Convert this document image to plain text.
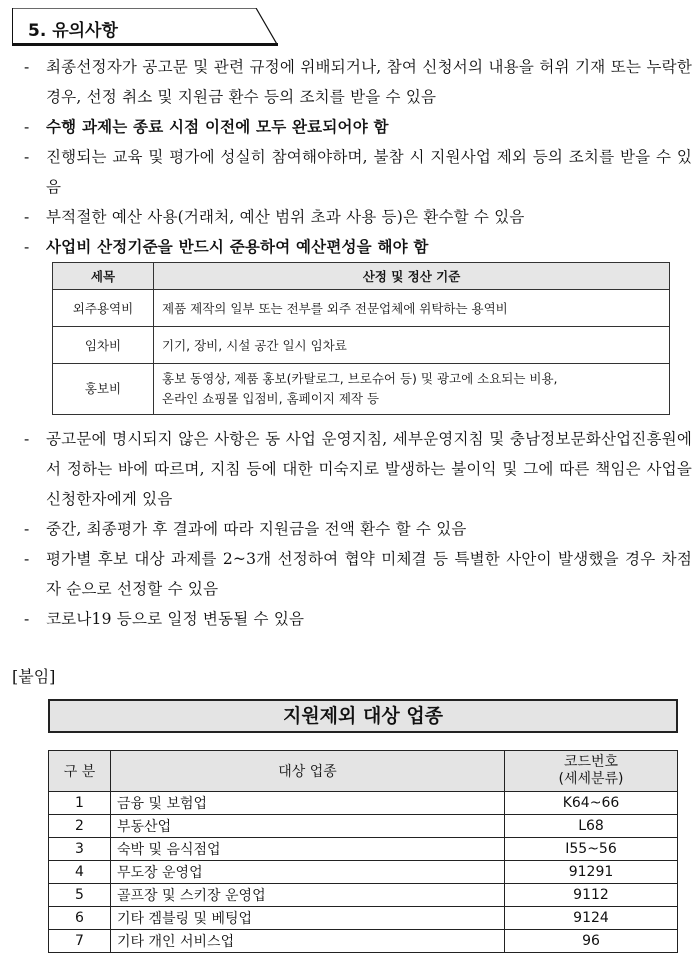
5. 유의사항
-	최종선정자가 공고문 및 관련 규정에 위배되거나, 참여 신청서의 내용을 허위 기재 또는 누락한 경우, 선정 취소 및 지원금 환수 등의 조치를 받을 수 있음
-	수행 과제는 종료 시점 이전에 모두 완료되어야 함
-	진행되는 교육 및 평가에 성실히 참여해야하며, 불참 시 지원사업 제외 등의 조치를 받을 수 있음
-	부적절한 예산 사용(거래처, 예산 범위 초과 사용 등)은 환수할 수 있음
-	사업비 산정기준을 반드시 준용하여 예산편성을 해야 함
세목	산정 및 정산 기준
외주용역비	제품 제작의 일부 또는 전부를 외주 전문업체에 위탁하는 용역비
임차비	기기, 장비, 시설 공간 일시 임차료
홍보비	홍보 동영상, 제품 홍보(카탈로그, 브로슈어 등) 및 광고에 소요되는 비용,
온라인 쇼핑몰 입점비, 홈페이지 제작 등
-	공고문에 명시되지 않은 사항은 동 사업 운영지침, 세부운영지침 및 충남정보문화산업진흥원에서 정하는 바에 따르며, 지침 등에 대한 미숙지로 발생하는 불이익 및 그에 따른 책임은 사업을 신청한자에게 있음
-	중간, 최종평가 후 결과에 따라 지원금을 전액 환수 할 수 있음
-	평가별 후보 대상 과제를 2~3개 선정하여 협약 미체결 등 특별한 사안이 발생했을 경우 차점자 순으로 선정할 수 있음
-	코로나19 등으로 일정 변동될 수 있음
[붙임]
지원제외 대상 업종
구 분	대상 업종	코드번호
(세세분류)

1	금융 및 보험업	K64~66
2	부동산업	L68
3	숙박 및 음식점업	I55~56
4	무도장 운영업	91291
5	골프장 및 스키장 운영업	9112
6	기타 겜블링 및 베팅업	9124
7	기타 개인 서비스업	96
